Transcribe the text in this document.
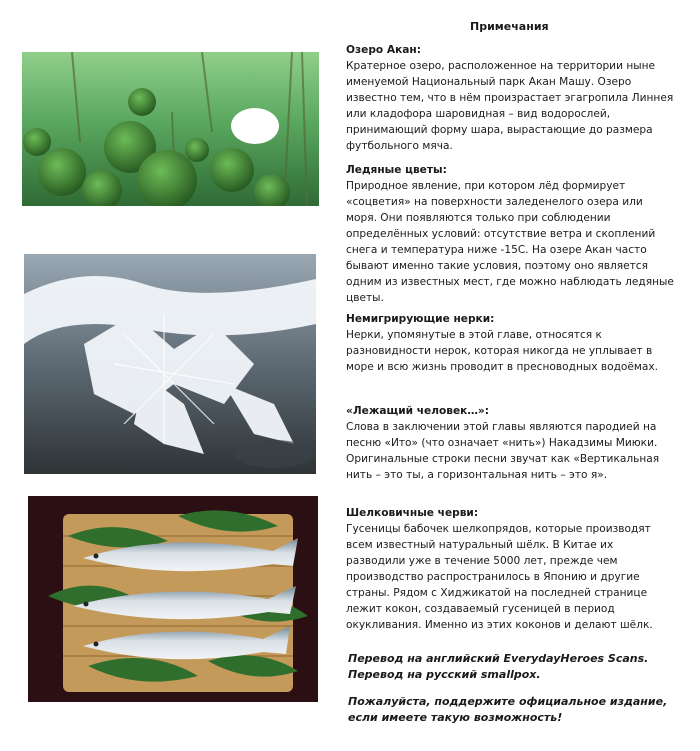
Примечания
Озеро Акан:

Кратерное озеро, расположенное на территории ныне именуемой Национальный парк Акан Машу. Озеро известно тем, что в нём произрастает эгагропила Линнея или кладофора шаровидная – вид водорослей, принимающий форму шара, вырастающие до размера футбольного мяча.

Ледяные цветы:

Природное явление, при котором лёд формирует «соцветия» на поверхности заледенелого озера или моря. Они появляются только при соблюдении определённых условий: отсутствие ветра и скоплений снега и температура ниже -15С. На озере Акан часто бывают именно такие условия, поэтому оно является одним из известных мест, где можно наблюдать ледяные цветы.

Немигрирующие нерки:

Нерки, упомянутые в этой главе, относятся к разновидности нерок, которая никогда не уплывает в море и всю жизнь проводит в пресноводных водоёмах.

«Лежащий человек…»:

Слова в заключении этой главы являются пародией на песню «Ито» (что означает «нить») Накадзимы Миюки. Оригинальные строки песни звучат как «Вертикальная нить – это ты, а горизонтальная нить – это я».

Шелковичные черви:

Гусеницы бабочек шелкопрядов, которые производят всем известный натуральный шёлк. В Китае их разводили уже в течение 5000 лет, прежде чем производство распространилось в Японию и другие страны. Рядом с Хиджикатой на последней странице лежит кокон, создаваемый гусеницей в период окукливания. Именно из этих коконов и делают шёлк.

Перевод на английский EverydayHeroes Scans.
Перевод на русский smallpox.
Пожалуйста, поддержите официальное издание,
если имеете такую возможность!
